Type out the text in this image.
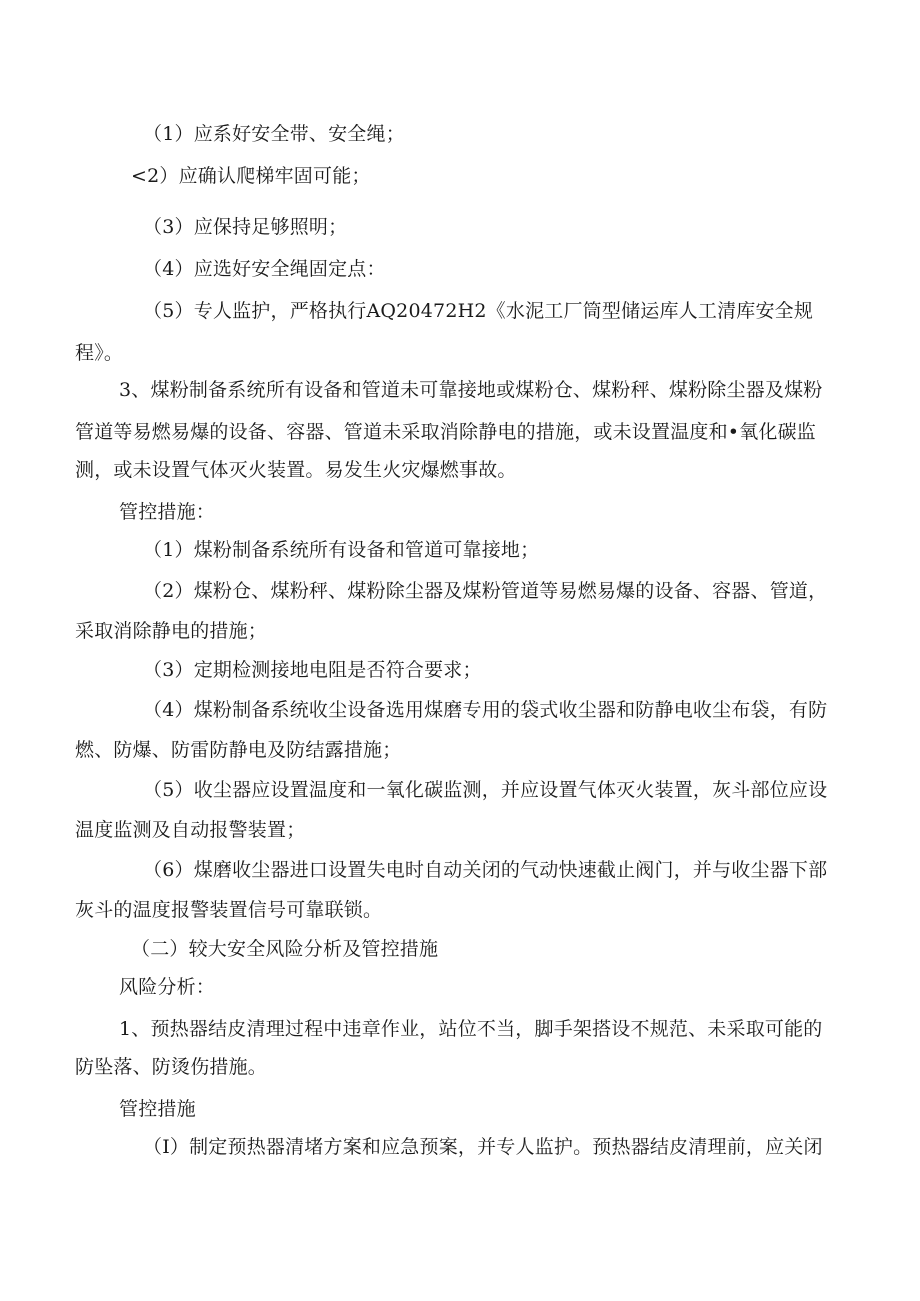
（1）应系好安全带、安全绳；
<2）应确认爬梯牢固可能；
（3）应保持足够照明；
（4）应选好安全绳固定点：
（5）专人监护，严格执行AQ20472H2《水泥工厂筒型储运库人工清库安全规
程》。
3、煤粉制备系统所有设备和管道未可靠接地或煤粉仓、煤粉秤、煤粉除尘器及煤粉
管道等易燃易爆的设备、容器、管道未采取消除静电的措施，或未设置温度和•氧化碳监
测，或未设置气体灭火装置。易发生火灾爆燃事故。
管控措施：
（1）煤粉制备系统所有设备和管道可靠接地；
（2）煤粉仓、煤粉秤、煤粉除尘器及煤粉管道等易燃易爆的设备、容器、管道，
采取消除静电的措施；
（3）定期检测接地电阻是否符合要求；
（4）煤粉制备系统收尘设备选用煤磨专用的袋式收尘器和防静电收尘布袋，有防
燃、防爆、防雷防静电及防结露措施；
（5）收尘器应设置温度和一氧化碳监测，并应设置气体灭火装置，灰斗部位应设
温度监测及自动报警装置；
（6）煤磨收尘器进口设置失电时自动关闭的气动快速截止阀门，并与收尘器下部
灰斗的温度报警装置信号可靠联锁。
（二）较大安全风险分析及管控措施
风险分析：
1、预热器结皮清理过程中违章作业，站位不当，脚手架搭设不规范、未采取可能的
防坠落、防烫伤措施。
管控措施
（I）制定预热器清堵方案和应急预案，并专人监护。预热器结皮清理前，应关闭
